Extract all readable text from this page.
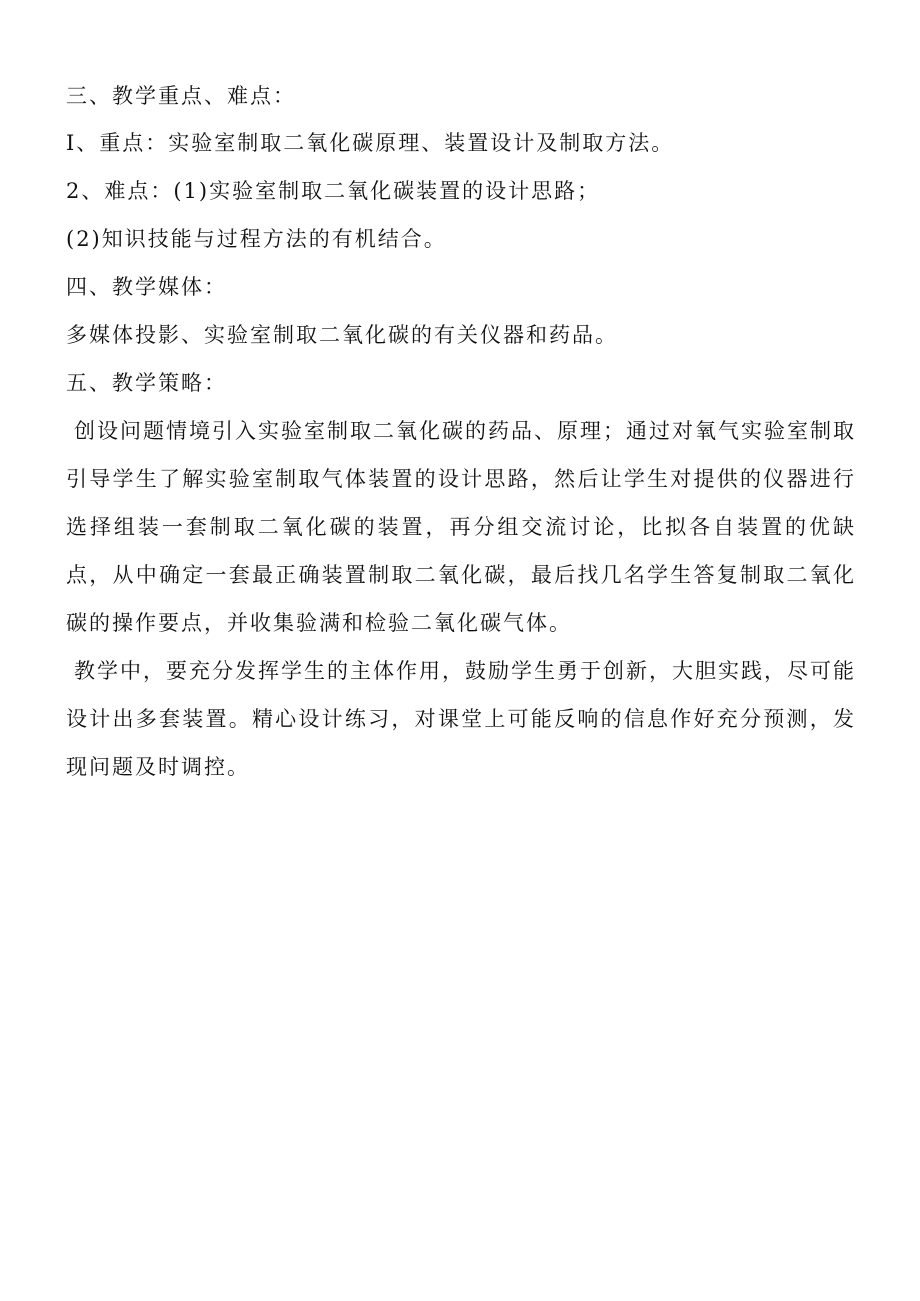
三、教学重点、难点：
I、重点：实验室制取二氧化碳原理、装置设计及制取方法。
2、难点：(1)实验室制取二氧化碳装置的设计思路；
(2)知识技能与过程方法的有机结合。
四、教学媒体：
多媒体投影、实验室制取二氧化碳的有关仪器和药品。
五、教学策略：
创设问题情境引入实验室制取二氧化碳的药品、原理；通过对氧气实验室制取引导学生了解实验室制取气体装置的设计思路，然后让学生对提供的仪器进行选择组装一套制取二氧化碳的装置，再分组交流讨论，比拟各自装置的优缺点，从中确定一套最正确装置制取二氧化碳，最后找几名学生答复制取二氧化碳的操作要点，并收集验满和检验二氧化碳气体。
教学中，要充分发挥学生的主体作用，鼓励学生勇于创新，大胆实践，尽可能设计出多套装置。精心设计练习，对课堂上可能反响的信息作好充分预测，发现问题及时调控。
